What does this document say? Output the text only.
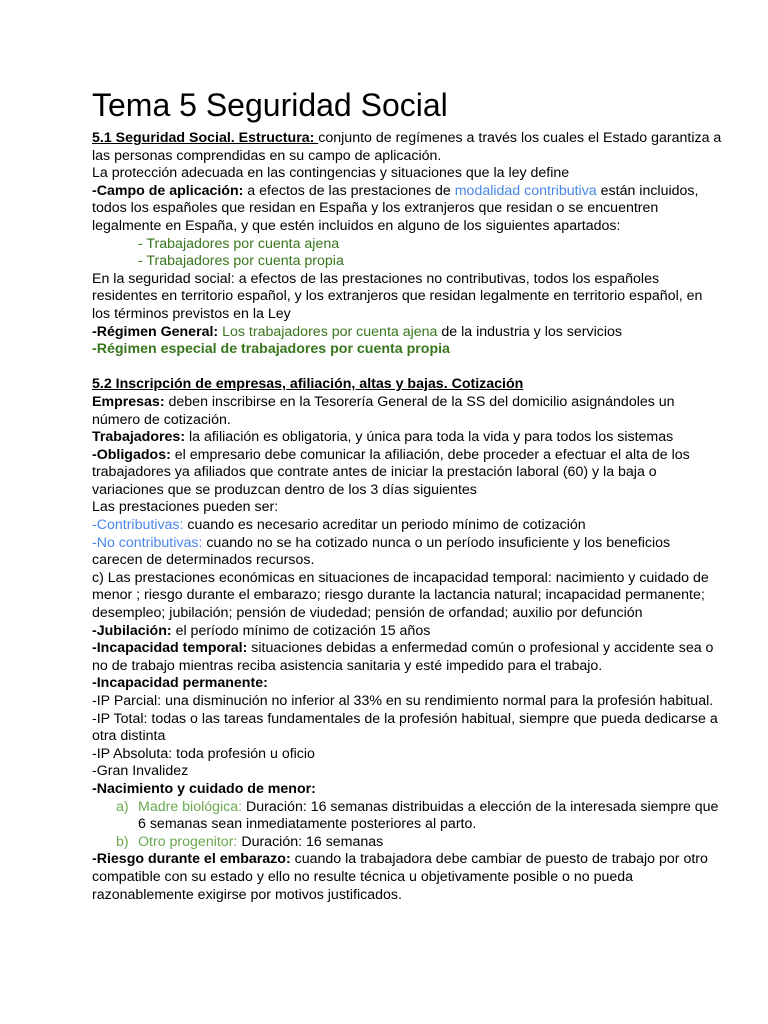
Tema 5 Seguridad Social

5.1 Seguridad Social. Estructura: conjunto de regímenes a través los cuales el Estado garantiza a las personas comprendidas en su campo de aplicación.

La protección adecuada en las contingencias y situaciones que la ley define

-Campo de aplicación: a efectos de las prestaciones de modalidad contributiva están incluidos, todos los españoles que residan en España y los extranjeros que residan o se encuentren legalmente en España, y que estén incluidos en alguno de los siguientes apartados:

- Trabajadores por cuenta ajena

- Trabajadores por cuenta propia

En la seguridad social: a efectos de las prestaciones no contributivas, todos los españoles residentes en territorio español, y los extranjeros que residan legalmente en territorio español, en los términos previstos en la Ley

-Régimen General: Los trabajadores por cuenta ajena de la industria y los servicios

-Régimen especial de trabajadores por cuenta propia

5.2 Inscripción de empresas, afiliación, altas y bajas. Cotización

Empresas: deben inscribirse en la Tesorería General de la SS del domicilio asignándoles un número de cotización.

Trabajadores: la afiliación es obligatoria, y única para toda la vida y para todos los sistemas

-Obligados: el empresario debe comunicar la afiliación, debe proceder a efectuar el alta de los trabajadores ya afiliados que contrate antes de iniciar la prestación laboral (60) y la baja o variaciones que se produzcan dentro de los 3 días siguientes

Las prestaciones pueden ser:

-Contributivas: cuando es necesario acreditar un periodo mínimo de cotización

-No contributivas: cuando no se ha cotizado nunca o un período insuficiente y los beneficios carecen de determinados recursos.

c) Las prestaciones económicas en situaciones de incapacidad temporal: nacimiento y cuidado de menor ; riesgo durante el embarazo; riesgo durante la lactancia natural; incapacidad permanente; desempleo; jubilación; pensión de viudedad; pensión de orfandad; auxilio por defunción

-Jubilación: el período mínimo de cotización 15 años

-Incapacidad temporal: situaciones debidas a enfermedad común o profesional y accidente sea o no de trabajo mientras reciba asistencia sanitaria y esté impedido para el trabajo.

-Incapacidad permanente:

-IP Parcial: una disminución no inferior al 33% en su rendimiento normal para la profesión habitual.

-IP Total: todas o las tareas fundamentales de la profesión habitual, siempre que pueda dedicarse a otra distinta

-IP Absoluta: toda profesión u oficio

-Gran Invalidez

-Nacimiento y cuidado de menor:

a) Madre biológica: Duración: 16 semanas distribuidas a elección de la interesada siempre que 6 semanas sean inmediatamente posteriores al parto.
b) Otro progenitor: Duración: 16 semanas

-Riesgo durante el embarazo: cuando la trabajadora debe cambiar de puesto de trabajo por otro compatible con su estado y ello no resulte técnica u objetivamente posible o no pueda razonablemente exigirse por motivos justificados.
